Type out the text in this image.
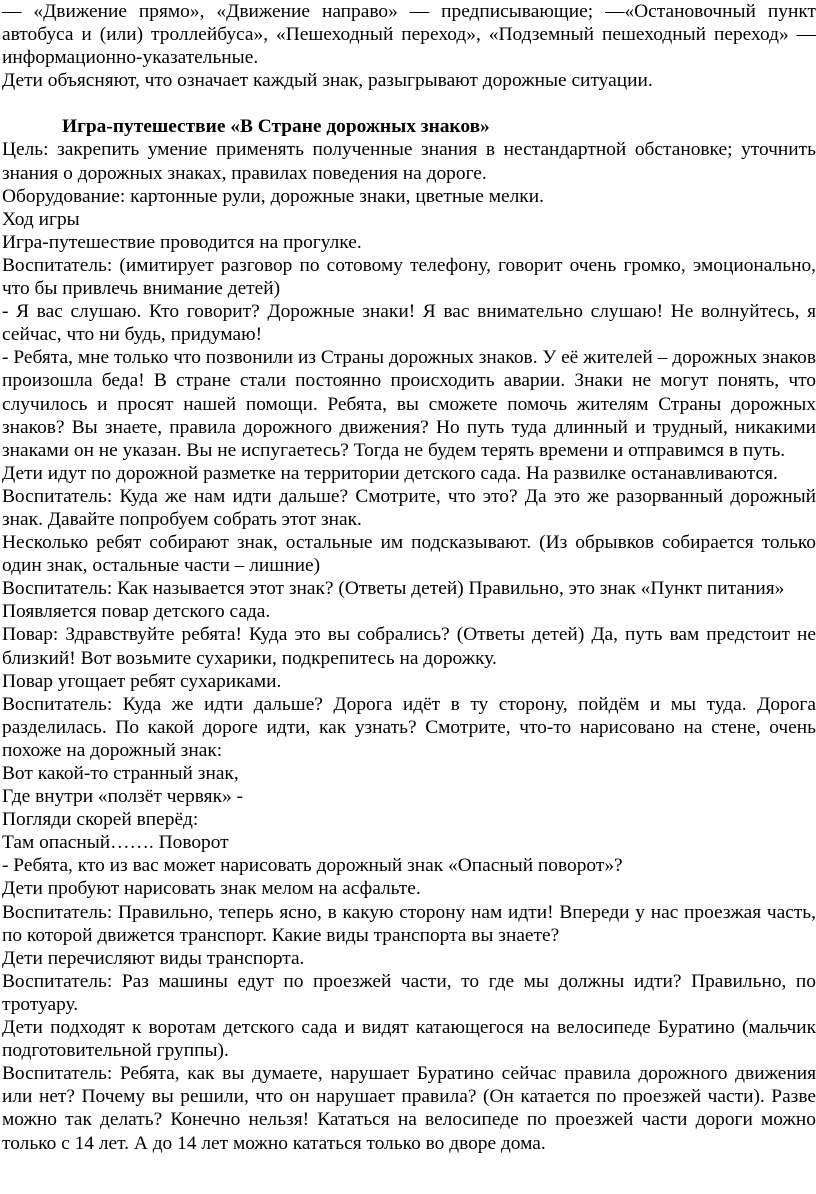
— «Движение прямо», «Движение направо» — предписывающие; —«Остановочный пункт автобуса и (или) троллейбуса», «Пешеходный переход», «Подземный пешеходный переход» — информационно-указательные.

Дети объясняют, что означает каждый знак, разыгрывают дорожные ситуации.

Игра-путешествие «В Стране дорожных знаков»

Цель: закрепить умение применять полученные знания в нестандартной обстановке; уточнить знания о дорожных знаках, правилах поведения на дороге.

Оборудование: картонные рули, дорожные знаки, цветные мелки.

Ход игры

Игра-путешествие проводится на прогулке.

Воспитатель: (имитирует разговор по сотовому телефону, говорит очень громко, эмоционально, что бы привлечь внимание детей)

- Я вас слушаю. Кто говорит? Дорожные знаки! Я вас внимательно слушаю! Не волнуйтесь, я сейчас, что ни будь, придумаю!

- Ребята, мне только что позвонили из Страны дорожных знаков. У её жителей – дорожных знаков произошла беда! В стране стали постоянно происходить аварии. Знаки не могут понять, что случилось и просят нашей помощи. Ребята, вы сможете помочь жителям Страны дорожных знаков? Вы знаете, правила дорожного движения? Но путь туда длинный и трудный, никакими знаками он не указан. Вы не испугаетесь? Тогда не будем терять времени и отправимся в путь.

Дети идут по дорожной разметке на территории детского сада. На развилке останавливаются.

Воспитатель: Куда же нам идти дальше? Смотрите, что это? Да это же разорванный дорожный знак. Давайте попробуем собрать этот знак.

Несколько ребят собирают знак, остальные им подсказывают. (Из обрывков собирается только один знак, остальные части – лишние)

Воспитатель: Как называется этот знак? (Ответы детей) Правильно, это знак «Пункт питания»

Появляется повар детского сада.

Повар: Здравствуйте ребята! Куда это вы собрались? (Ответы детей) Да, путь вам предстоит не близкий! Вот возьмите сухарики, подкрепитесь на дорожку.

Повар угощает ребят сухариками.

Воспитатель: Куда же идти дальше? Дорога идёт в ту сторону, пойдём и мы туда. Дорога разделилась. По какой дороге идти, как узнать? Смотрите, что-то нарисовано на стене, очень похоже на дорожный знак:

Вот какой-то странный знак,

Где внутри «ползёт червяк» -

Погляди скорей вперёд:

Там опасный……. Поворот

- Ребята, кто из вас может нарисовать дорожный знак «Опасный поворот»?

Дети пробуют нарисовать знак мелом на асфальте.

Воспитатель: Правильно, теперь ясно, в какую сторону нам идти! Впереди у нас проезжая часть, по которой движется транспорт. Какие виды транспорта вы знаете?

Дети перечисляют виды транспорта.

Воспитатель: Раз машины едут по проезжей части, то где мы должны идти? Правильно, по тротуару.

Дети подходят к воротам детского сада и видят катающегося на велосипеде Буратино (мальчик подготовительной группы).

Воспитатель: Ребята, как вы думаете, нарушает Буратино сейчас правила дорожного движения или нет? Почему вы решили, что он нарушает правила? (Он катается по проезжей части). Разве можно так делать? Конечно нельзя! Кататься на велосипеде по проезжей части дороги можно только с 14 лет. А до 14 лет можно кататься только во дворе дома.
